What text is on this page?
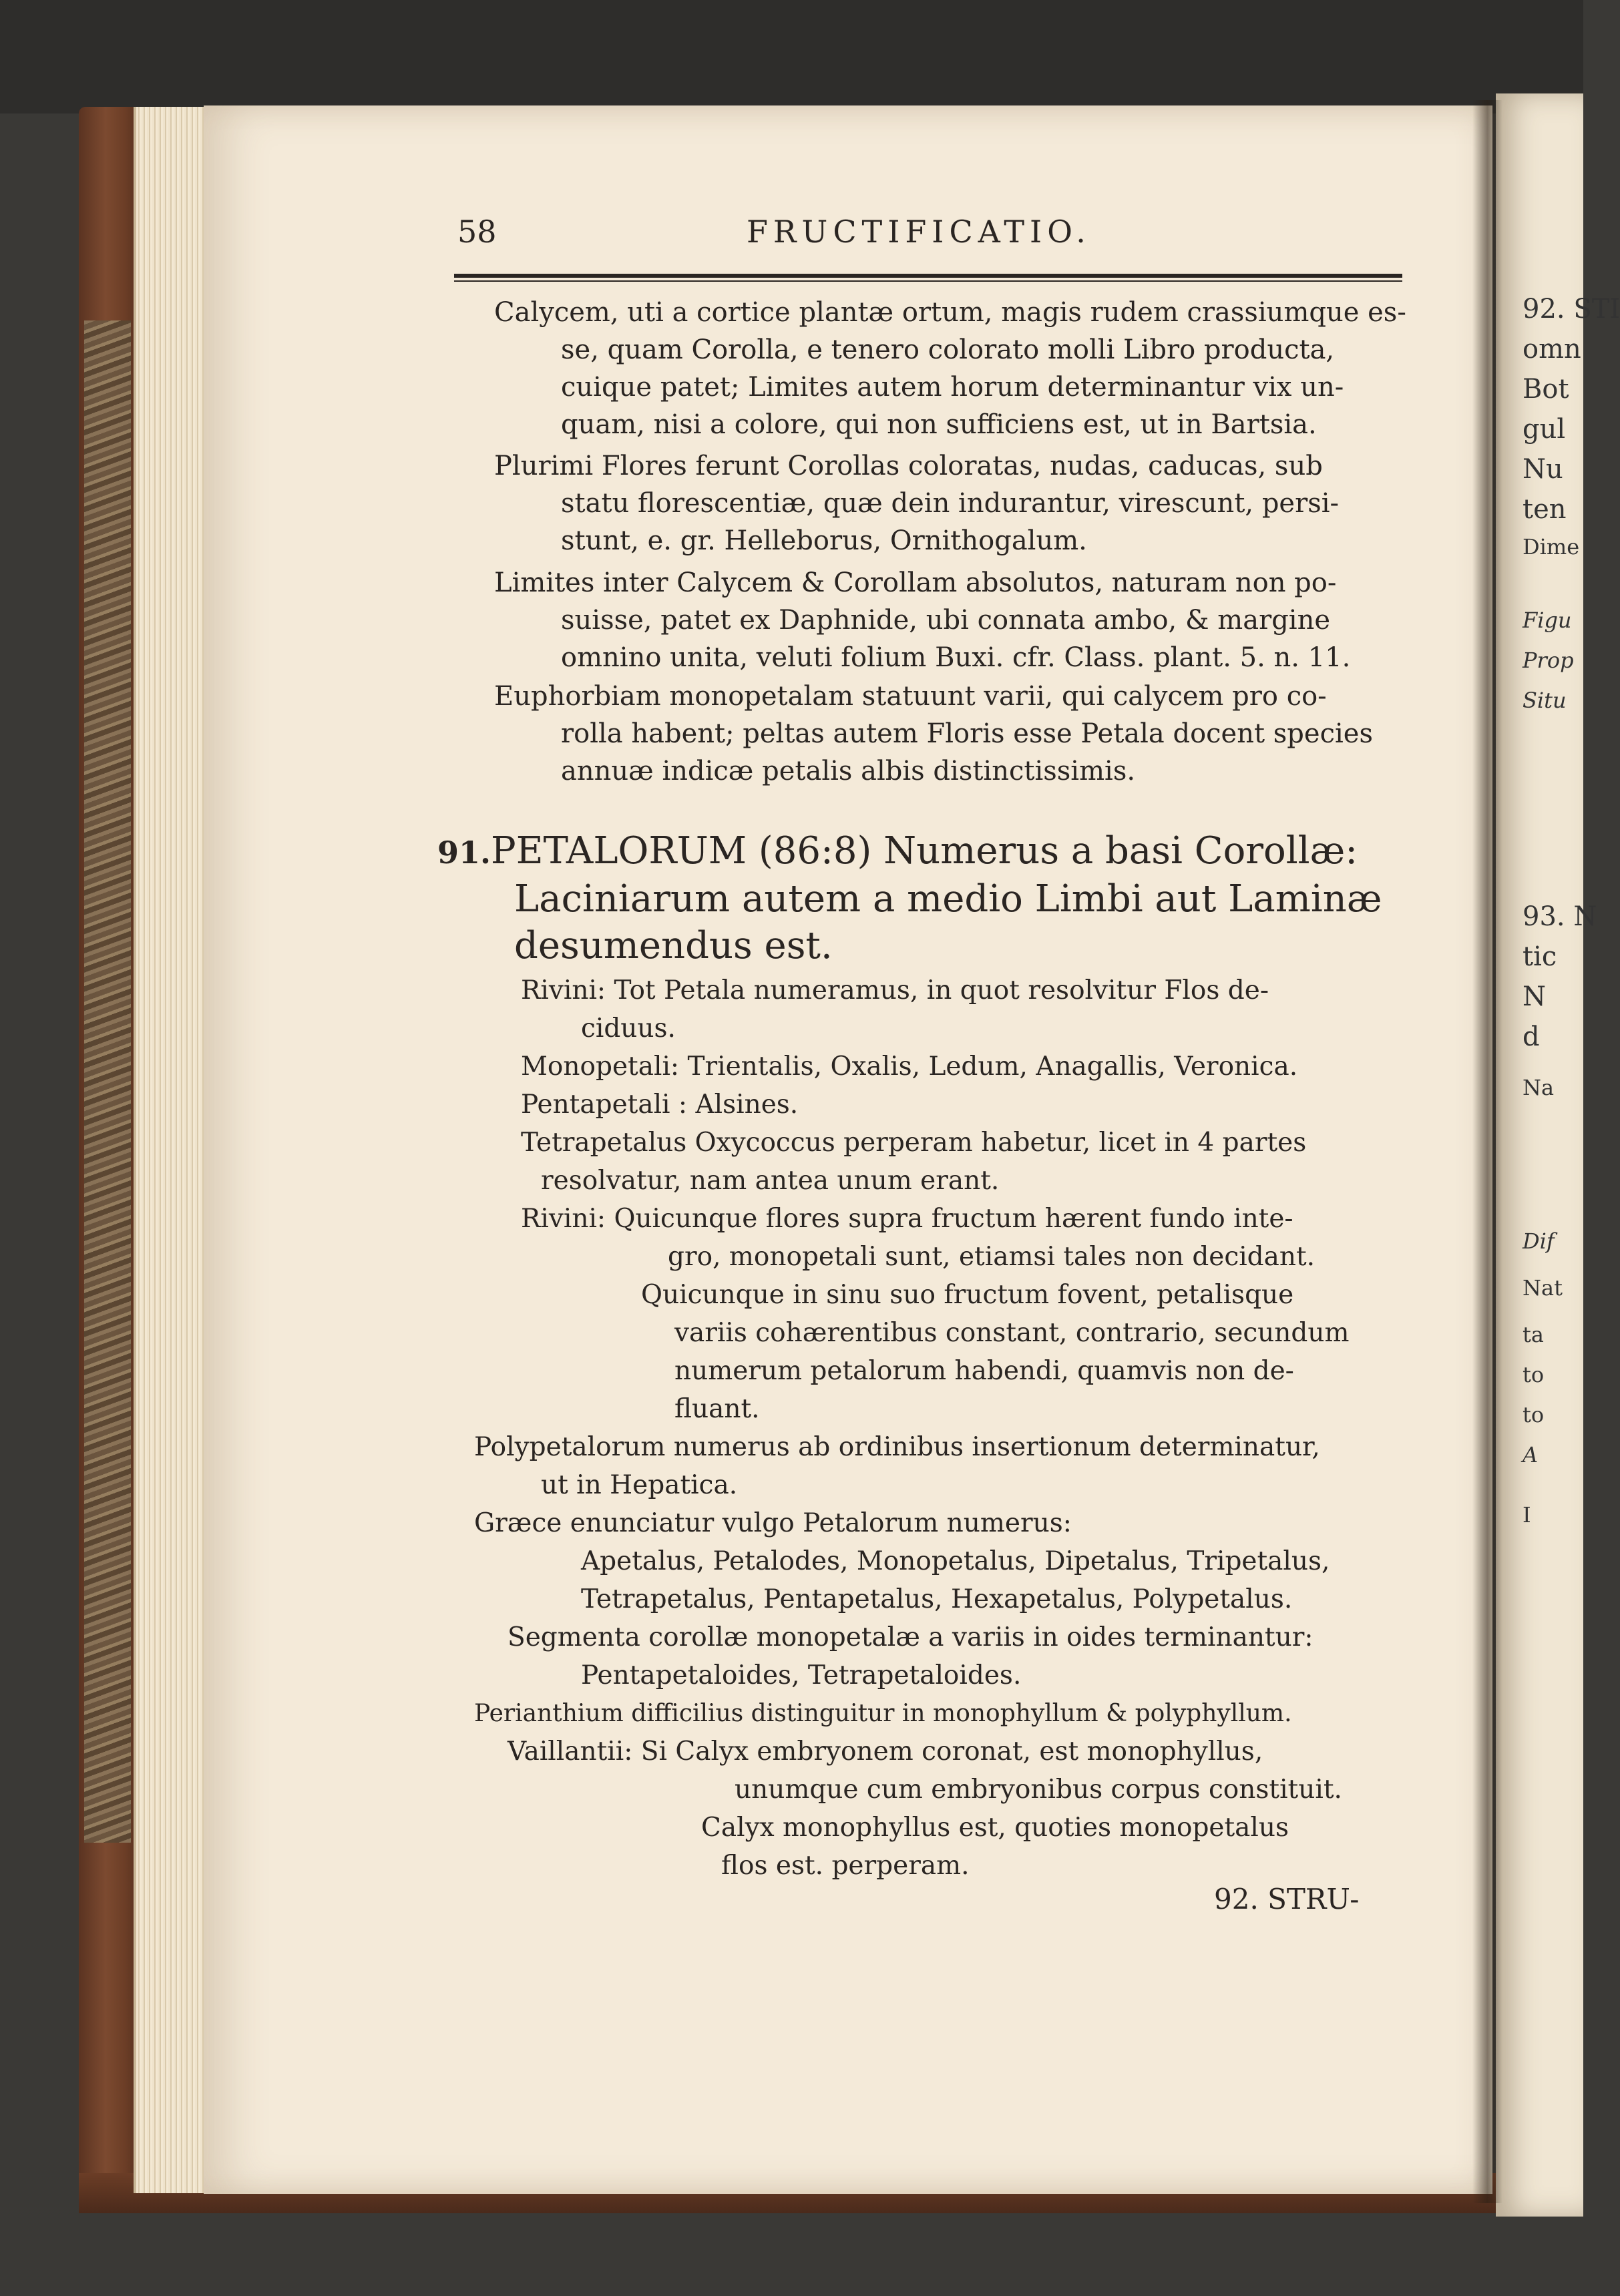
92. STI
omn
Bot
gul
Nu
ten
Dime
Figu
Prop
Situ
93. N
tic
N
d
Na
Dif
Nat
ta
to
to
A
I
58	FRUCTIFICATIO.
Calycem, uti a cortice plantæ ortum, magis rudem crassiumque es-
se, quam Corolla, e tenero colorato molli Libro producta,
cuique patet; Limites autem horum determinantur vix un-
quam, nisi a colore, qui non sufficiens est, ut in Bartsia.
Plurimi Flores ferunt Corollas coloratas, nudas, caducas, sub
statu florescentiæ, quæ dein indurantur, virescunt, persi-
stunt, e. gr. Helleborus, Ornithogalum.
Limites inter Calycem & Corollam absolutos, naturam non po-
suisse, patet ex Daphnide, ubi connata ambo, & margine
omnino unita, veluti folium Buxi. cfr. Class. plant. 5. n. 11.
Euphorbiam monopetalam statuunt varii, qui calycem pro co-
rolla habent; peltas autem Floris esse Petala docent species
annuæ indicæ petalis albis distinctissimis.
91.PETALORUM (86:8) Numerus a basi Corollæ:
Laciniarum autem a medio Limbi aut Laminæ
desumendus est.
Rivini: Tot Petala numeramus, in quot resolvitur Flos de-
ciduus.
Monopetali: Trientalis, Oxalis, Ledum, Anagallis, Veronica.
Pentapetali : Alsines.
Tetrapetalus Oxycoccus perperam habetur, licet in 4 partes
resolvatur, nam antea unum erant.
Rivini: Quicunque flores supra fructum hærent fundo inte-
gro, monopetali sunt, etiamsi tales non decidant.
Quicunque in sinu suo fructum fovent, petalisque
variis cohærentibus constant, contrario, secundum
numerum petalorum habendi, quamvis non de-
fluant.
Polypetalorum numerus ab ordinibus insertionum determinatur,
ut in Hepatica.
Græce enunciatur vulgo Petalorum numerus:
Apetalus, Petalodes, Monopetalus, Dipetalus, Tripetalus,
Tetrapetalus, Pentapetalus, Hexapetalus, Polypetalus.
Segmenta corollæ monopetalæ a variis in oides terminantur:
Pentapetaloides, Tetrapetaloides.
Perianthium difficilius distinguitur in monophyllum & polyphyllum.
Vaillantii: Si Calyx embryonem coronat, est monophyllus,
unumque cum embryonibus corpus constituit.
Calyx monophyllus est, quoties monopetalus
flos est. perperam.
92. STRU-
